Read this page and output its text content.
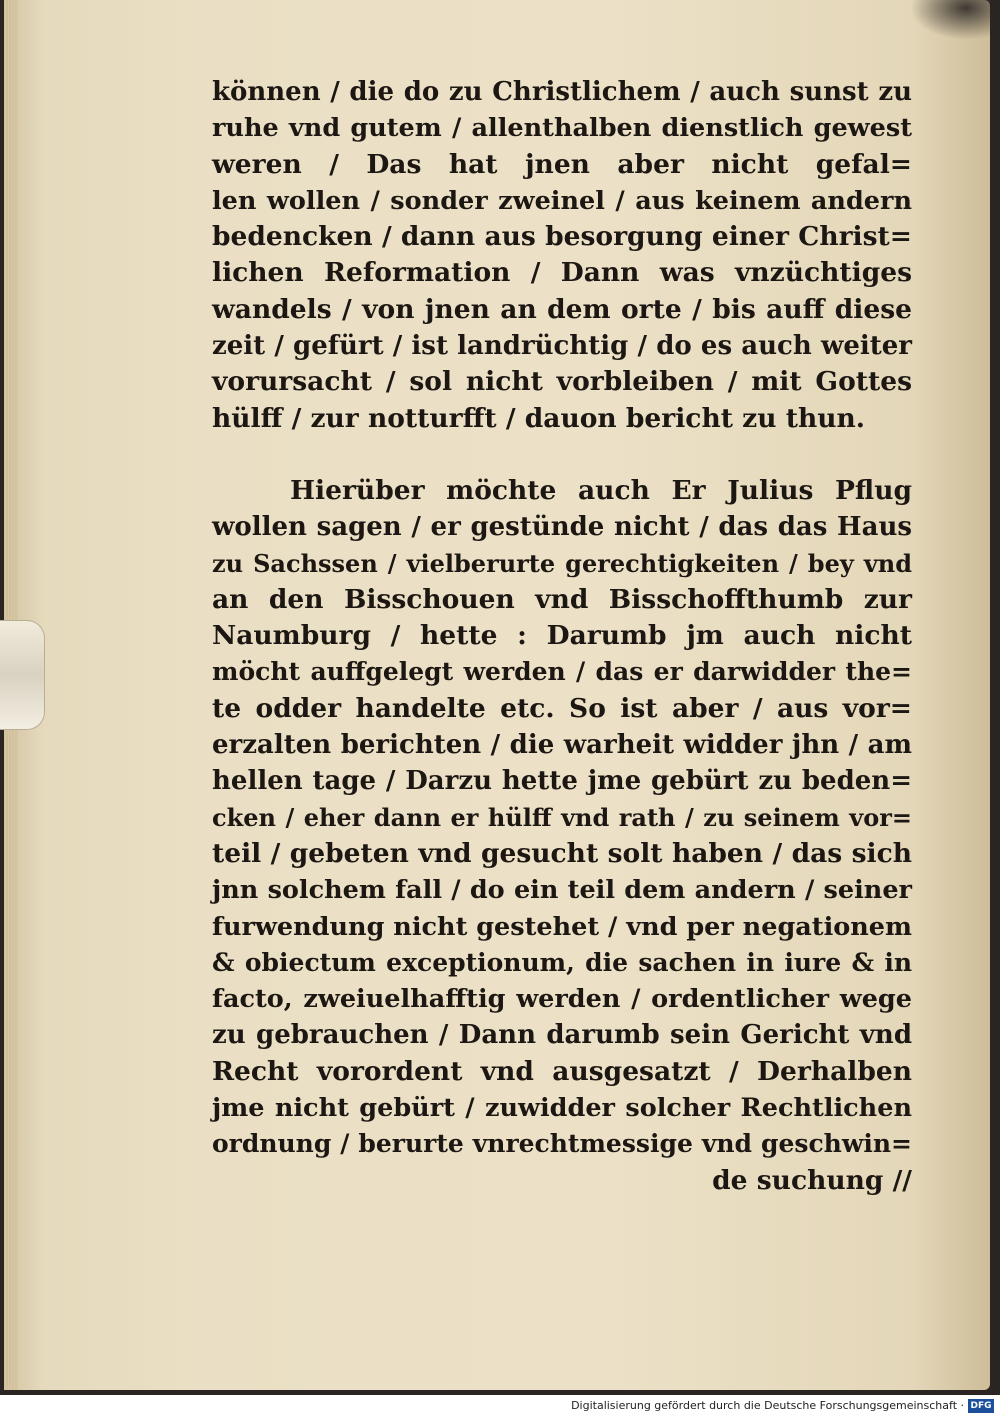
können / die do zu Christlichem / auch sunst zu
ruhe vnd gutem / allenthalben dienstlich gewest
weren / Das hat jnen aber nicht gefal=
len wollen / sonder zweinel / aus keinem andern
bedencken / dann aus besorgung einer Christ=
lichen Reformation / Dann was vnzüchtiges
wandels / von jnen an dem orte / bis auff diese
zeit / gefürt / ist landrüchtig / do es auch weiter
vorursacht / sol nicht vorbleiben / mit Gottes
hülff / zur notturfft / dauon bericht zu thun.
Hierüber möchte auch Er Julius Pflug
wollen sagen / er gestünde nicht / das das Haus
zu Sachssen / vielberurte gerechtigkeiten / bey vnd
an den Bisschouen vnd Bisschoffthumb zur
Naumburg / hette : Darumb jm auch nicht
möcht auffgelegt werden / das er darwidder the=
te odder handelte etc. So ist aber / aus vor=
erzalten berichten / die warheit widder jhn / am
hellen tage / Darzu hette jme gebürt zu beden=
cken / eher dann er hülff vnd rath / zu seinem vor=
teil / gebeten vnd gesucht solt haben / das sich
jnn solchem fall / do ein teil dem andern / seiner
furwendung nicht gestehet / vnd per negationem
& obiectum exceptionum, die sachen in iure & in
facto, zweiuelhafftig werden / ordentlicher wege
zu gebrauchen / Dann darumb sein Gericht vnd
Recht vorordent vnd ausgesatzt / Derhalben
jme nicht gebürt / zuwidder solcher Rechtlichen
ordnung / berurte vnrechtmessige vnd geschwin=
de suchung //
Digitalisierung gefördert durch die Deutsche Forschungsgemeinschaft · DFG
